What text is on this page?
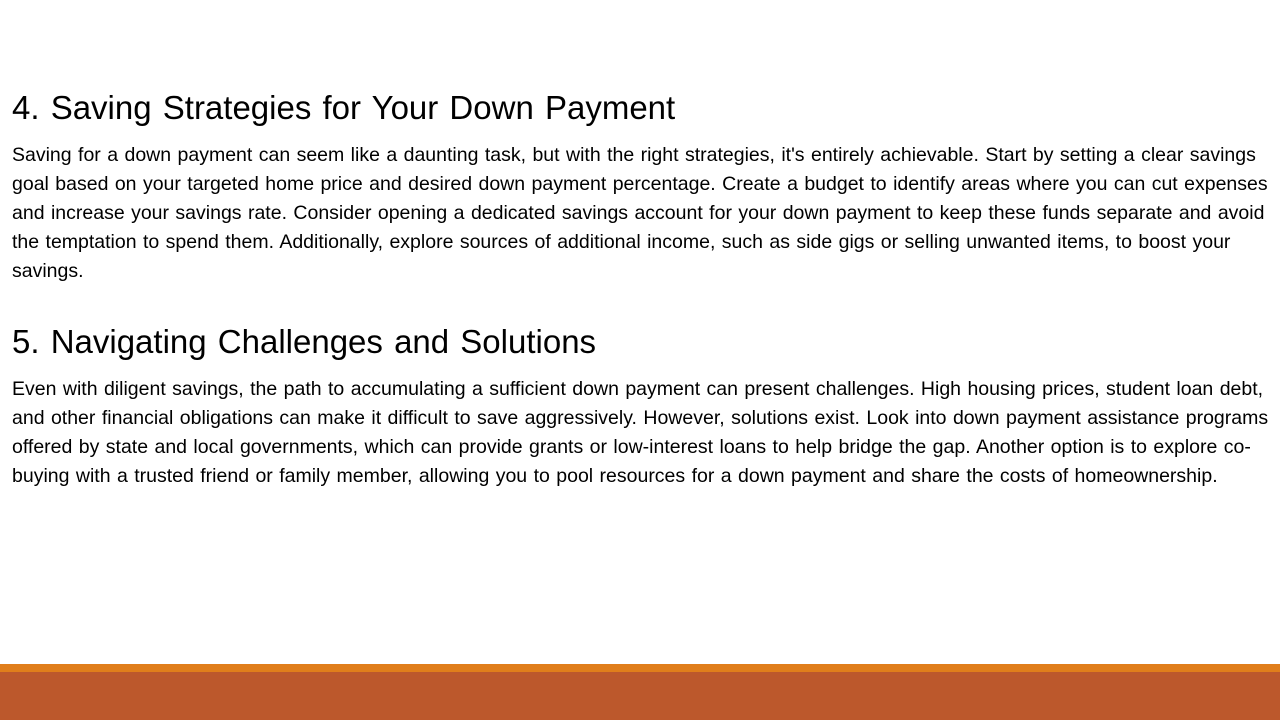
4. Saving Strategies for Your Down Payment

Saving for a down payment can seem like a daunting task, but with the right strategies, it's entirely achievable. Start by setting a clear savings goal based on your targeted home price and desired down payment percentage. Create a budget to identify areas where you can cut expenses and increase your savings rate. Consider opening a dedicated savings account for your down payment to keep these funds separate and avoid the temptation to spend them. Additionally, explore sources of additional income, such as side gigs or selling unwanted items, to boost your savings.

5. Navigating Challenges and Solutions

Even with diligent savings, the path to accumulating a sufficient down payment can present challenges. High housing prices, student loan debt, and other financial obligations can make it difficult to save aggressively. However, solutions exist. Look into down payment assistance programs offered by state and local governments, which can provide grants or low-interest loans to help bridge the gap. Another option is to explore co-buying with a trusted friend or family member, allowing you to pool resources for a down payment and share the costs of homeownership.
